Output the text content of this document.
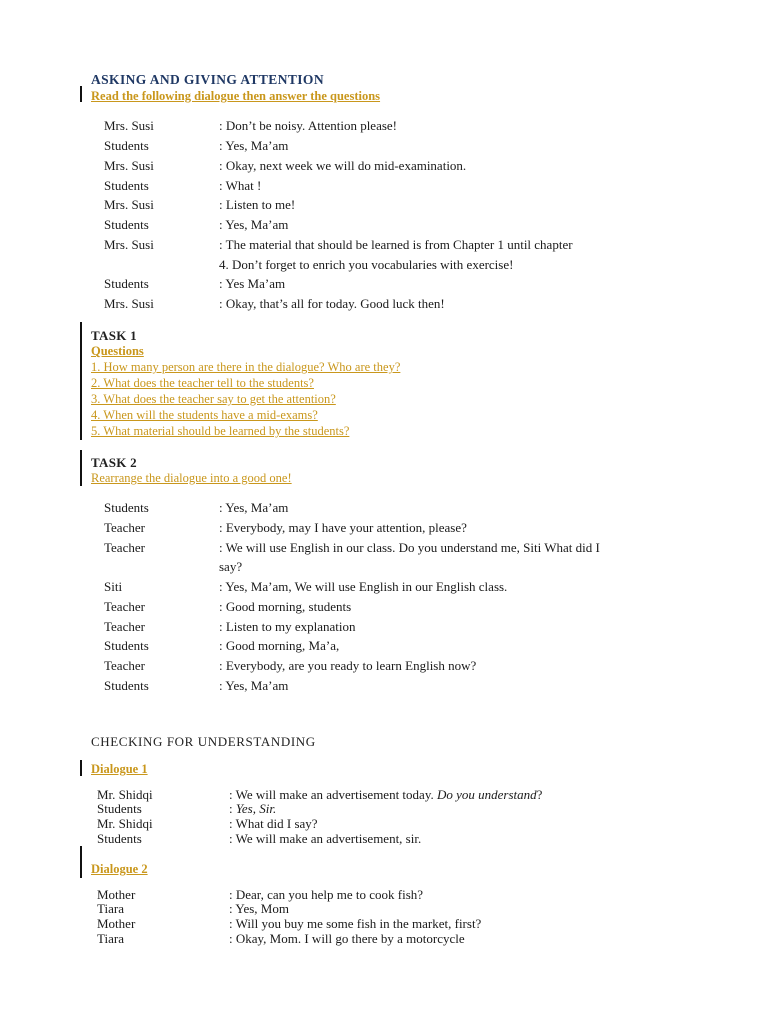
ASKING AND GIVING ATTENTION
Read the following dialogue then answer the questions
Mrs. Susi	: Don’t be noisy. Attention please!
Students	: Yes, Ma’am
Mrs. Susi	: Okay, next week we will do mid-examination.
Students	: What !
Mrs. Susi	: Listen to me!
Students	: Yes, Ma’am
Mrs. Susi	: The material that should be learned is from Chapter 1 until chapter
4. Don’t forget to enrich you vocabularies with exercise!
Students	: Yes Ma’am
Mrs. Susi	: Okay, that’s all for today. Good luck then!
TASK 1
Questions
1. How many person are there in the dialogue? Who are they?
2. What does the teacher tell to the students?
3. What does the teacher say to get the attention?
4. When will the students have a mid-exams?
5. What material should be learned by the students?
TASK 2
Rearrange the dialogue into a good one!
Students	: Yes, Ma’am
Teacher	: Everybody, may I have your attention, please?
Teacher	: We will use English in our class. Do you understand me, Siti What did I
say?
Siti	: Yes, Ma’am, We will use English in our English class.
Teacher	: Good morning, students
Teacher	: Listen to my explanation
Students	: Good morning, Ma’a,
Teacher	: Everybody, are you ready to learn English now?
Students	: Yes, Ma’am
CHECKING FOR UNDERSTANDING
Dialogue 1
Mr. Shidqi	: We will make an advertisement today. Do you understand?
Students	: Yes, Sir.
Mr. Shidqi	: What did I say?
Students	: We will make an advertisement, sir.
Dialogue 2
Mother	: Dear, can you help me to cook fish?
Tiara	: Yes, Mom
Mother	: Will you buy me some fish in the market, first?
Tiara	: Okay, Mom. I will go there by a motorcycle
